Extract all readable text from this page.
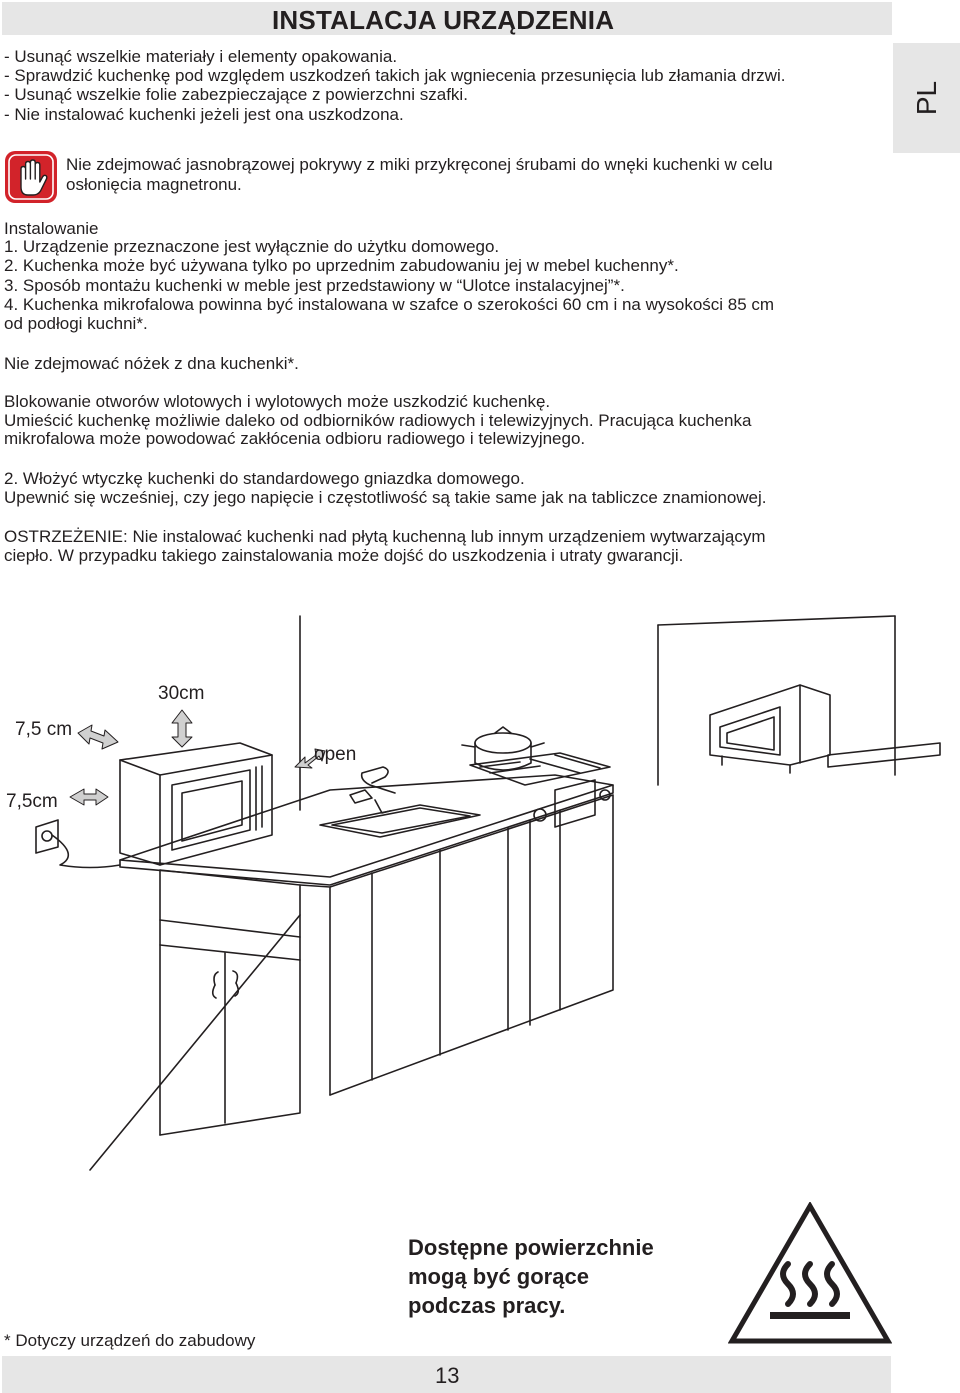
INSTALACJA URZĄDZENIA
PL
- Usunąć wszelkie materiały i elementy opakowania.
- Sprawdzić kuchenkę pod względem uszkodzeń takich jak wgniecenia przesunięcia lub złamania drzwi.
- Usunąć wszelkie folie zabezpieczające z powierzchni szafki.
- Nie instalować kuchenki jeżeli jest ona uszkodzona.
Nie zdejmować jasnobrązowej pokrywy z miki przykręconej śrubami do wnęki kuchenki w celu
osłonięcia magnetronu.
Instalowanie
1. Urządzenie przeznaczone jest wyłącznie do użytku domowego.
2. Kuchenka może być używana tylko po uprzednim zabudowaniu jej w mebel kuchenny*.
3. Sposób montażu kuchenki w meble jest przedstawiony w “Ulotce instalacyjnej”*.
4. Kuchenka mikrofalowa powinna być instalowana w szafce o szerokości 60 cm i na wysokości 85 cm
od podłogi kuchni*.
Nie zdejmować nóżek z dna kuchenki*.
Blokowanie otworów wlotowych i wylotowych może uszkodzić kuchenkę.
Umieścić kuchenkę możliwie daleko od odbiorników radiowych i telewizyjnych. Pracująca kuchenka
mikrofalowa może powodować zakłócenia odbioru radiowego i telewizyjnego.
2. Włożyć wtyczkę kuchenki do standardowego gniazdka domowego.
Upewnić się wcześniej, czy jego napięcie i częstotliwość są takie same jak na tabliczce znamionowej.
OSTRZEŻENIE: Nie instalować kuchenki nad płytą kuchenną lub innym urządzeniem wytwarzającym
ciepło. W przypadku takiego zainstalowania może dojść do uszkodzenia i utraty gwarancji.
30cm
7,5 cm
7,5cm
open
Dostępne powierzchnie
mogą być gorące
podczas pracy.
* Dotyczy urządzeń do zabudowy
13
